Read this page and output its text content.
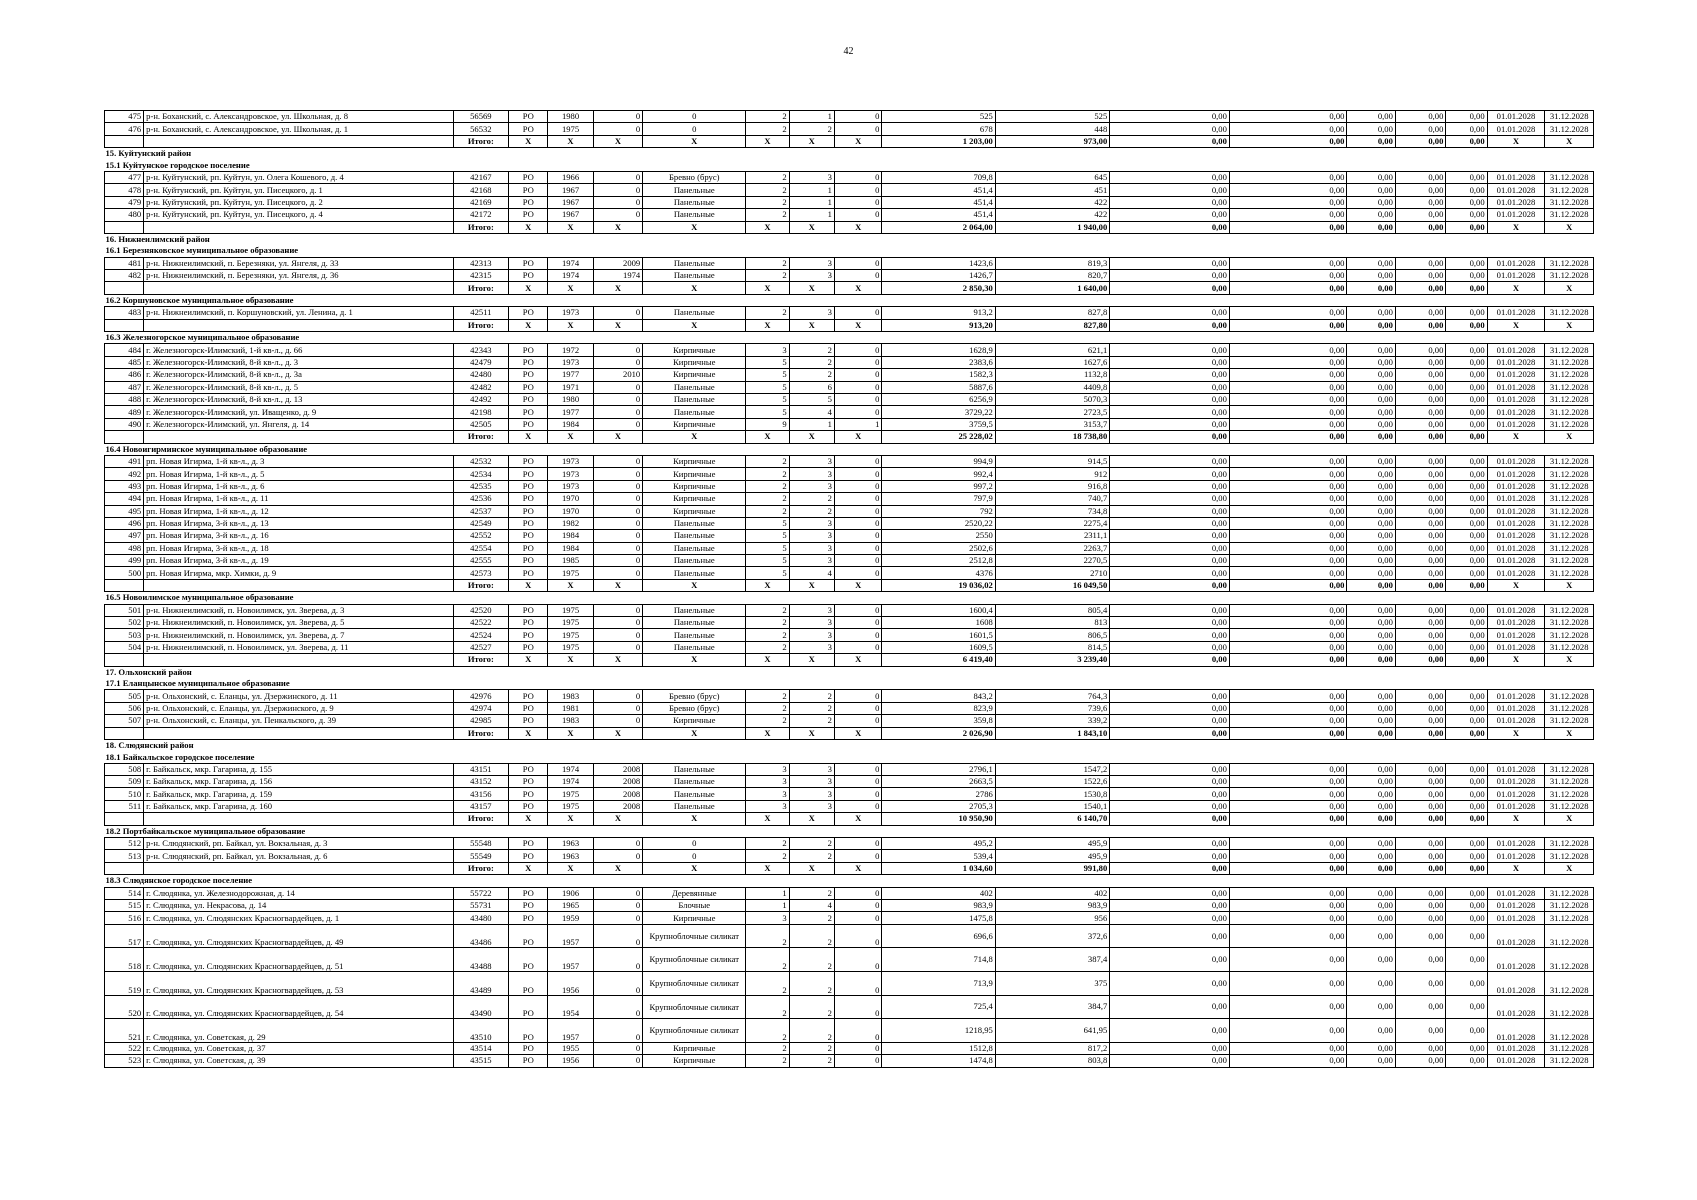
42
475	р-н. Боханский, с. Александровское, ул. Школьная, д. 8	56569	РО	1980	0	0	2	1	0	525	525	0,00	0,00	0,00	0,00	0,00	01.01.2028	31.12.2028
476	р-н. Боханский, с. Александровское, ул. Школьная, д. 1	56532	РО	1975	0	0	2	2	0	678	448	0,00	0,00	0,00	0,00	0,00	01.01.2028	31.12.2028
		Итого:	X	X	X	X	X	X	X	1 203,00	973,00	0,00	0,00	0,00	0,00	0,00	X	X
15. Куйтунский район																		
15.1 Куйтунское городское поселение																		
477	р-н. Куйтунский, рп. Куйтун, ул. Олега Кошевого, д. 4	42167	РО	1966	0	Бревно (брус)	2	3	0	709,8	645	0,00	0,00	0,00	0,00	0,00	01.01.2028	31.12.2028
478	р-н. Куйтунский, рп. Куйтун, ул. Писецкого, д. 1	42168	РО	1967	0	Панельные	2	1	0	451,4	451	0,00	0,00	0,00	0,00	0,00	01.01.2028	31.12.2028
479	р-н. Куйтунский, рп. Куйтун, ул. Писецкого, д. 2	42169	РО	1967	0	Панельные	2	1	0	451,4	422	0,00	0,00	0,00	0,00	0,00	01.01.2028	31.12.2028
480	р-н. Куйтунский, рп. Куйтун, ул. Писецкого, д. 4	42172	РО	1967	0	Панельные	2	1	0	451,4	422	0,00	0,00	0,00	0,00	0,00	01.01.2028	31.12.2028
		Итого:	X	X	X	X	X	X	X	2 064,00	1 940,00	0,00	0,00	0,00	0,00	0,00	X	X
16. Нижнеилимский район																		
16.1 Березняковское муниципальное образование																		
481	р-н. Нижнеилимский, п. Березняки, ул. Янгеля, д. 33	42313	РО	1974	2009	Панельные	2	3	0	1423,6	819,3	0,00	0,00	0,00	0,00	0,00	01.01.2028	31.12.2028
482	р-н. Нижнеилимский, п. Березняки, ул. Янгеля, д. 36	42315	РО	1974	1974	Панельные	2	3	0	1426,7	820,7	0,00	0,00	0,00	0,00	0,00	01.01.2028	31.12.2028
		Итого:	X	X	X	X	X	X	X	2 850,30	1 640,00	0,00	0,00	0,00	0,00	0,00	X	X
16.2 Коршуновское муниципальное образование																		
483	р-н. Нижнеилимский, п. Коршуновский, ул. Ленина, д. 1	42511	РО	1973	0	Панельные	2	3	0	913,2	827,8	0,00	0,00	0,00	0,00	0,00	01.01.2028	31.12.2028
		Итого:	X	X	X	X	X	X	X	913,20	827,80	0,00	0,00	0,00	0,00	0,00	X	X
16.3 Железногорское муниципальное образование																		
484	г. Железногорск-Илимский, 1-й кв-л., д. 66	42343	РО	1972	0	Кирпичные	3	2	0	1628,9	621,1	0,00	0,00	0,00	0,00	0,00	01.01.2028	31.12.2028
485	г. Железногорск-Илимский, 8-й кв-л., д. 3	42479	РО	1973	0	Кирпичные	5	2	0	2383,6	1627,6	0,00	0,00	0,00	0,00	0,00	01.01.2028	31.12.2028
486	г. Железногорск-Илимский, 8-й кв-л., д. 3а	42480	РО	1977	2010	Кирпичные	5	2	0	1582,3	1132,8	0,00	0,00	0,00	0,00	0,00	01.01.2028	31.12.2028
487	г. Железногорск-Илимский, 8-й кв-л., д. 5	42482	РО	1971	0	Панельные	5	6	0	5887,6	4409,8	0,00	0,00	0,00	0,00	0,00	01.01.2028	31.12.2028
488	г. Железногорск-Илимский, 8-й кв-л., д. 13	42492	РО	1980	0	Панельные	5	5	0	6256,9	5070,3	0,00	0,00	0,00	0,00	0,00	01.01.2028	31.12.2028
489	г. Железногорск-Илимский, ул. Иващенко, д. 9	42198	РО	1977	0	Панельные	5	4	0	3729,22	2723,5	0,00	0,00	0,00	0,00	0,00	01.01.2028	31.12.2028
490	г. Железногорск-Илимский, ул. Янгеля, д. 14	42505	РО	1984	0	Кирпичные	9	1	1	3759,5	3153,7	0,00	0,00	0,00	0,00	0,00	01.01.2028	31.12.2028
		Итого:	X	X	X	X	X	X	X	25 228,02	18 738,80	0,00	0,00	0,00	0,00	0,00	X	X
16.4 Новоигирминское муниципальное образование																		
491	рп. Новая Игирма, 1-й кв-л., д. 3	42532	РО	1973	0	Кирпичные	2	3	0	994,9	914,5	0,00	0,00	0,00	0,00	0,00	01.01.2028	31.12.2028
492	рп. Новая Игирма, 1-й кв-л., д. 5	42534	РО	1973	0	Кирпичные	2	3	0	992,4	912	0,00	0,00	0,00	0,00	0,00	01.01.2028	31.12.2028
493	рп. Новая Игирма, 1-й кв-л., д. 6	42535	РО	1973	0	Кирпичные	2	3	0	997,2	916,8	0,00	0,00	0,00	0,00	0,00	01.01.2028	31.12.2028
494	рп. Новая Игирма, 1-й кв-л., д. 11	42536	РО	1970	0	Кирпичные	2	2	0	797,9	740,7	0,00	0,00	0,00	0,00	0,00	01.01.2028	31.12.2028
495	рп. Новая Игирма, 1-й кв-л., д. 12	42537	РО	1970	0	Кирпичные	2	2	0	792	734,8	0,00	0,00	0,00	0,00	0,00	01.01.2028	31.12.2028
496	рп. Новая Игирма, 3-й кв-л., д. 13	42549	РО	1982	0	Панельные	5	3	0	2520,22	2275,4	0,00	0,00	0,00	0,00	0,00	01.01.2028	31.12.2028
497	рп. Новая Игирма, 3-й кв-л., д. 16	42552	РО	1984	0	Панельные	5	3	0	2550	2311,1	0,00	0,00	0,00	0,00	0,00	01.01.2028	31.12.2028
498	рп. Новая Игирма, 3-й кв-л., д. 18	42554	РО	1984	0	Панельные	5	3	0	2502,6	2263,7	0,00	0,00	0,00	0,00	0,00	01.01.2028	31.12.2028
499	рп. Новая Игирма, 3-й кв-л., д. 19	42555	РО	1985	0	Панельные	5	3	0	2512,8	2270,5	0,00	0,00	0,00	0,00	0,00	01.01.2028	31.12.2028
500	рп. Новая Игирма, мкр. Химки, д. 9	42573	РО	1975	0	Панельные	5	4	0	4376	2710	0,00	0,00	0,00	0,00	0,00	01.01.2028	31.12.2028
		Итого:	X	X	X	X	X	X	X	19 036,02	16 049,50	0,00	0,00	0,00	0,00	0,00	X	X
16.5 Новоилимское муниципальное образование																		
501	р-н. Нижнеилимский, п. Новоилимск, ул. Зверева, д. 3	42520	РО	1975	0	Панельные	2	3	0	1600,4	805,4	0,00	0,00	0,00	0,00	0,00	01.01.2028	31.12.2028
502	р-н. Нижнеилимский, п. Новоилимск, ул. Зверева, д. 5	42522	РО	1975	0	Панельные	2	3	0	1608	813	0,00	0,00	0,00	0,00	0,00	01.01.2028	31.12.2028
503	р-н. Нижнеилимский, п. Новоилимск, ул. Зверева, д. 7	42524	РО	1975	0	Панельные	2	3	0	1601,5	806,5	0,00	0,00	0,00	0,00	0,00	01.01.2028	31.12.2028
504	р-н. Нижнеилимский, п. Новоилимск, ул. Зверева, д. 11	42527	РО	1975	0	Панельные	2	3	0	1609,5	814,5	0,00	0,00	0,00	0,00	0,00	01.01.2028	31.12.2028
		Итого:	X	X	X	X	X	X	X	6 419,40	3 239,40	0,00	0,00	0,00	0,00	0,00	X	X
17. Ольхонский район																		
17.1 Еланцынское муниципальное образование																		
505	р-н. Ольхонский, с. Еланцы, ул. Дзержинского, д. 11	42976	РО	1983	0	Бревно (брус)	2	2	0	843,2	764,3	0,00	0,00	0,00	0,00	0,00	01.01.2028	31.12.2028
506	р-н. Ольхонский, с. Еланцы, ул. Дзержинского, д. 9	42974	РО	1981	0	Бревно (брус)	2	2	0	823,9	739,6	0,00	0,00	0,00	0,00	0,00	01.01.2028	31.12.2028
507	р-н. Ольхонский, с. Еланцы, ул. Пенкальского, д. 39	42985	РО	1983	0	Кирпичные	2	2	0	359,8	339,2	0,00	0,00	0,00	0,00	0,00	01.01.2028	31.12.2028
		Итого:	X	X	X	X	X	X	X	2 026,90	1 843,10	0,00	0,00	0,00	0,00	0,00	X	X
18. Слюдянский район																		
18.1 Байкальское городское поселение																		
508	г. Байкальск, мкр. Гагарина, д. 155	43151	РО	1974	2008	Панельные	3	3	0	2796,1	1547,2	0,00	0,00	0,00	0,00	0,00	01.01.2028	31.12.2028
509	г. Байкальск, мкр. Гагарина, д. 156	43152	РО	1974	2008	Панельные	3	3	0	2663,5	1522,6	0,00	0,00	0,00	0,00	0,00	01.01.2028	31.12.2028
510	г. Байкальск, мкр. Гагарина, д. 159	43156	РО	1975	2008	Панельные	3	3	0	2786	1530,8	0,00	0,00	0,00	0,00	0,00	01.01.2028	31.12.2028
511	г. Байкальск, мкр. Гагарина, д. 160	43157	РО	1975	2008	Панельные	3	3	0	2705,3	1540,1	0,00	0,00	0,00	0,00	0,00	01.01.2028	31.12.2028
		Итого:	X	X	X	X	X	X	X	10 950,90	6 140,70	0,00	0,00	0,00	0,00	0,00	X	X
18.2 Портбайкальское муниципальное образование																		
512	р-н. Слюдянский, рп. Байкал, ул. Вокзальная, д. 3	55548	РО	1963	0	0	2	2	0	495,2	495,9	0,00	0,00	0,00	0,00	0,00	01.01.2028	31.12.2028
513	р-н. Слюдянский, рп. Байкал, ул. Вокзальная, д. 6	55549	РО	1963	0	0	2	2	0	539,4	495,9	0,00	0,00	0,00	0,00	0,00	01.01.2028	31.12.2028
		Итого:	X	X	X	X	X	X	X	1 034,60	991,80	0,00	0,00	0,00	0,00	0,00	X	X
18.3 Слюдянское городское поселение																		
514	г. Слюдянка, ул. Железнодорожная, д. 14	55722	РО	1906	0	Деревянные	1	2	0	402	402	0,00	0,00	0,00	0,00	0,00	01.01.2028	31.12.2028
515	г. Слюдянка, ул. Некрасова, д. 14	55731	РО	1965	0	Блочные	1	4	0	983,9	983,9	0,00	0,00	0,00	0,00	0,00	01.01.2028	31.12.2028
516	г. Слюдянка, ул. Слюдянских Красногвардейцев, д. 1	43480	РО	1959	0	Кирпичные	3	2	0	1475,8	956	0,00	0,00	0,00	0,00	0,00	01.01.2028	31.12.2028
517	г. Слюдянка, ул. Слюдянских Красногвардейцев, д. 49	43486	РО	1957	0	Крупноблочные силикат	2	2	0	696,6	372,6	0,00	0,00	0,00	0,00	0,00	01.01.2028	31.12.2028
518	г. Слюдянка, ул. Слюдянских Красногвардейцев, д. 51	43488	РО	1957	0	Крупноблочные силикат	2	2	0	714,8	387,4	0,00	0,00	0,00	0,00	0,00	01.01.2028	31.12.2028
519	г. Слюдянка, ул. Слюдянских Красногвардейцев, д. 53	43489	РО	1956	0	Крупноблочные силикат	2	2	0	713,9	375	0,00	0,00	0,00	0,00	0,00	01.01.2028	31.12.2028
520	г. Слюдянка, ул. Слюдянских Красногвардейцев, д. 54	43490	РО	1954	0	Крупноблочные силикат	2	2	0	725,4	384,7	0,00	0,00	0,00	0,00	0,00	01.01.2028	31.12.2028
521	г. Слюдянка, ул. Советская, д. 29	43510	РО	1957	0	Крупноблочные силикат	2	2	0	1218,95	641,95	0,00	0,00	0,00	0,00	0,00	01.01.2028	31.12.2028
522	г. Слюдянка, ул. Советская, д. 37	43514	РО	1955	0	Кирпичные	2	2	0	1512,8	817,2	0,00	0,00	0,00	0,00	0,00	01.01.2028	31.12.2028
523	г. Слюдянка, ул. Советская, д. 39	43515	РО	1956	0	Кирпичные	2	2	0	1474,8	803,8	0,00	0,00	0,00	0,00	0,00	01.01.2028	31.12.2028
